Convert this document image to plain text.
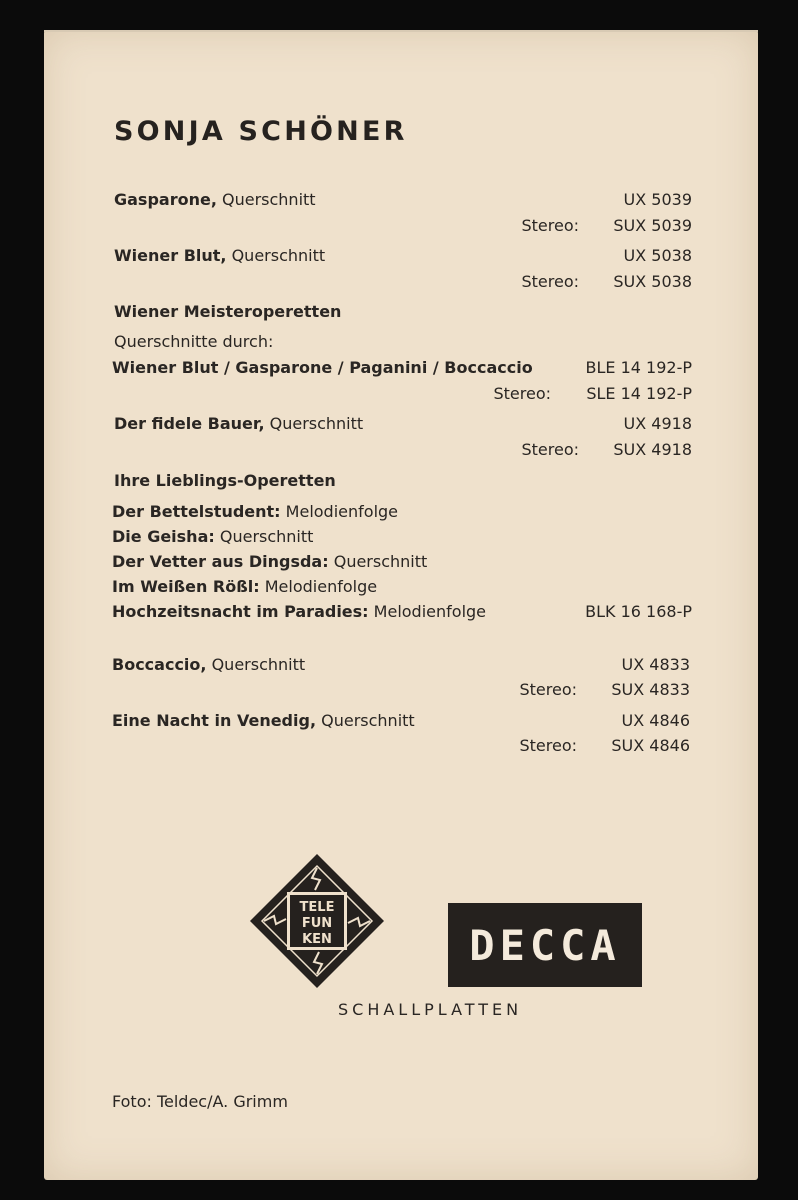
SONJA SCHÖNER
Gasparone, Querschnitt	UX 5039
Stereo:	SUX 5039
Wiener Blut, Querschnitt	UX 5038
Stereo:	SUX 5038
Wiener Meisteroperetten
Querschnitte durch:
Wiener Blut / Gasparone / Paganini / Boccaccio	BLE 14 192-P
Stereo:	SLE 14 192-P
Der fidele Bauer, Querschnitt	UX 4918
Stereo:	SUX 4918
Ihre Lieblings-Operetten
Der Bettelstudent: Melodienfolge
Die Geisha: Querschnitt
Der Vetter aus Dingsda: Querschnitt
Im Weißen Rößl: Melodienfolge
Hochzeitsnacht im Paradies: Melodienfolge	BLK 16 168-P
Boccaccio, Querschnitt	UX 4833
Stereo:	SUX 4833
Eine Nacht in Venedig, Querschnitt	UX 4846
Stereo:	SUX 4846
TELE
FUN
KEN	DECCA
SCHALLPLATTEN
Foto: Teldec/A. Grimm
